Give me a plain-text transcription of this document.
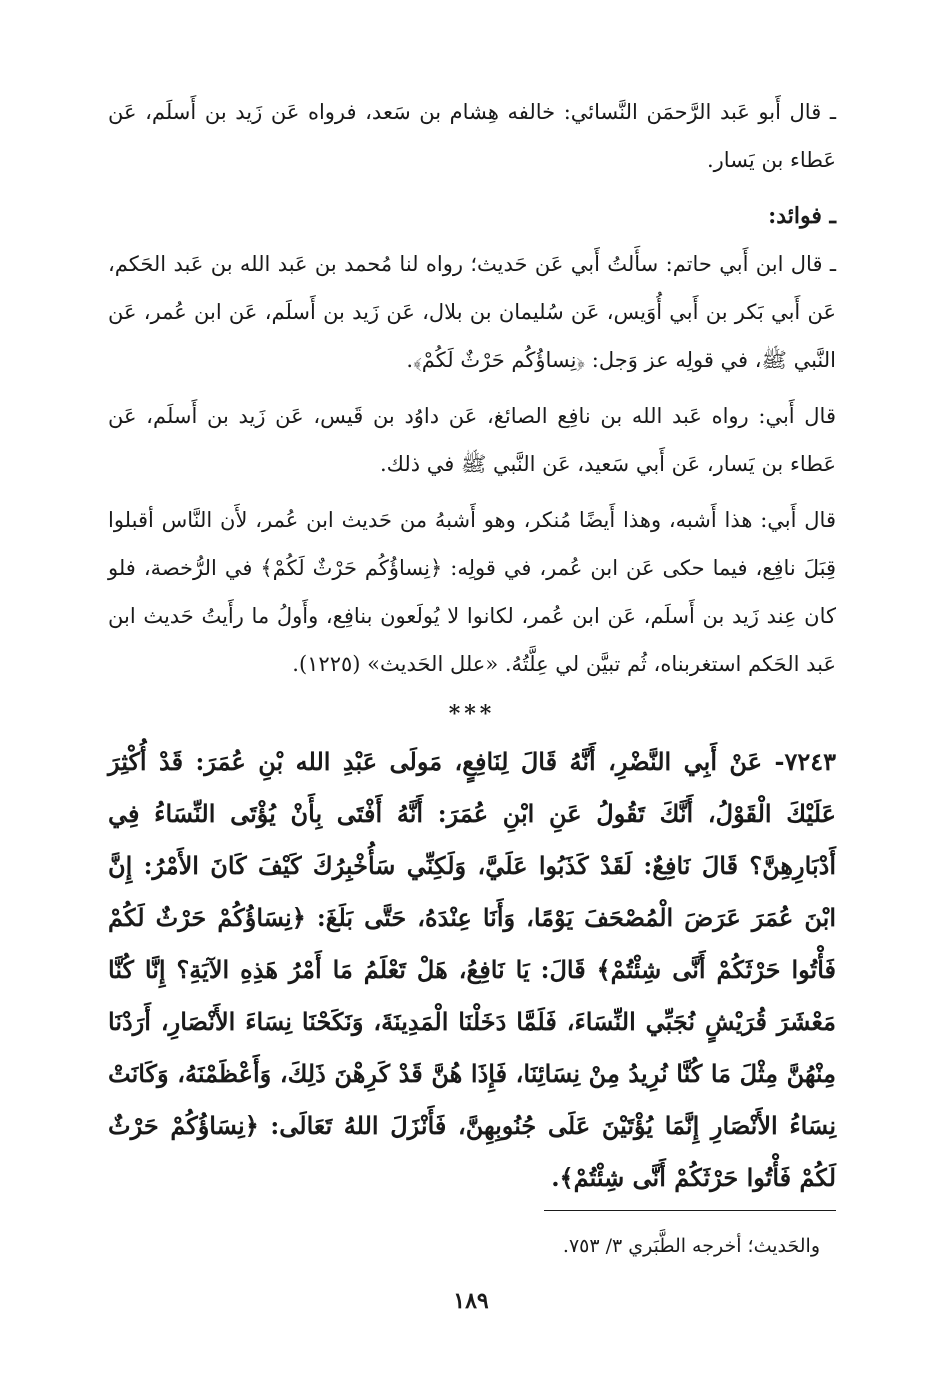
ـ قال أَبو عَبد الرَّحمَن النَّسائي: خالفه هِشام بن سَعد، فرواه عَن زَيد بن أَسلَم، عَن عَطاء بن يَسار.

ـ فوائد:

ـ قال ابن أَبي حاتم: سأَلتُ أَبي عَن حَديث؛ رواه لنا مُحمد بن عَبد الله بن عَبد الحَكم، عَن أَبي بَكر بن أَبي أُوَيس، عَن سُليمان بن بلال، عَن زَيد بن أَسلَم، عَن ابن عُمر، عَن النَّبي ﷺ، في قولِه عز وَجل: ﴿نِساؤُكُم حَرْثٌ لَكُمْ﴾.

قال أَبي: رواه عَبد الله بن نافِع الصائغ، عَن داوُد بن قَيس، عَن زَيد بن أَسلَم، عَن عَطاء بن يَسار، عَن أَبي سَعيد، عَن النَّبي ﷺ في ذلك.

قال أَبي: هذا أَشبه، وهذا أَيضًا مُنكر، وهو أَشبهُ من حَديث ابن عُمر، لأَن النَّاس أقبلوا قِبَلَ نافِع، فيما حكى عَن ابن عُمر، في قولِه: ﴿نِساؤُكُم حَرْثٌ لَكُمْ﴾ في الرُّخصة، فلو كان عِند زَيد بن أَسلَم، عَن ابن عُمر، لكانوا لا يُولَعون بنافِع، وأَولُ ما رأَيتُ حَديث ابن عَبد الحَكم استغربناه، ثُم تبيَّن لي عِلَّتُهُ. «علل الحَديث» (١٢٢٥).

***

٧٢٤٣- عَنْ أَبِي النَّضْرِ، أَنَّهُ قَالَ لِنَافِعٍ، مَولَى عَبْدِ الله بْنِ عُمَرَ: قَدْ أُكْثِرَ عَلَيْكَ الْقَوْلُ، أَنَّكَ تَقُولُ عَنِ ابْنِ عُمَرَ: أَنَّهُ أَفْتَى بِأَنْ يُؤْتَى النِّسَاءُ فِي أَدْبَارِهِنَّ؟ قَالَ نَافِعٌ: لَقَدْ كَذَبُوا عَلَيَّ، وَلَكِنِّي سَأُخْبِرُكَ كَيْفَ كَانَ الأَمْرُ: إِنَّ ابْنَ عُمَرَ عَرَضَ الْمُصْحَفَ يَوْمًا، وَأَنَا عِنْدَهُ، حَتَّى بَلَغَ: ﴿نِسَاؤُكُمْ حَرْثٌ لَكُمْ فَأْتُوا حَرْثَكُمْ أَنَّى شِئْتُمْ﴾ قَالَ: يَا نَافِعُ، هَلْ تَعْلَمُ مَا أَمْرُ هَذِهِ الآيَةِ؟ إِنَّا كُنَّا مَعْشَرَ قُرَيْشٍ نُجَبِّي النِّسَاءَ، فَلَمَّا دَخَلْنَا الْمَدِينَةَ، وَنَكَحْنَا نِسَاءَ الأَنْصَارِ، أَرَدْنَا مِنْهُنَّ مِثْلَ مَا كُنَّا نُرِيدُ مِنْ نِسَائِنَا، فَإِذَا هُنَّ قَدْ كَرِهْنَ ذَلِكَ، وَأَعْظَمْنَهُ، وَكَانَتْ نِسَاءُ الأَنْصَارِ إِنَّمَا يُؤْتَيْنَ عَلَى جُنُوبِهِنَّ، فَأَنْزَلَ اللهُ تَعَالَى: ﴿نِسَاؤُكُمْ حَرْثٌ لَكُمْ فَأْتُوا حَرْثَكُمْ أَنَّى شِئْتُمْ﴾.

والحَديث؛ أخرجه الطَّبَري ٣/ ٧٥٣.
١٨٩
